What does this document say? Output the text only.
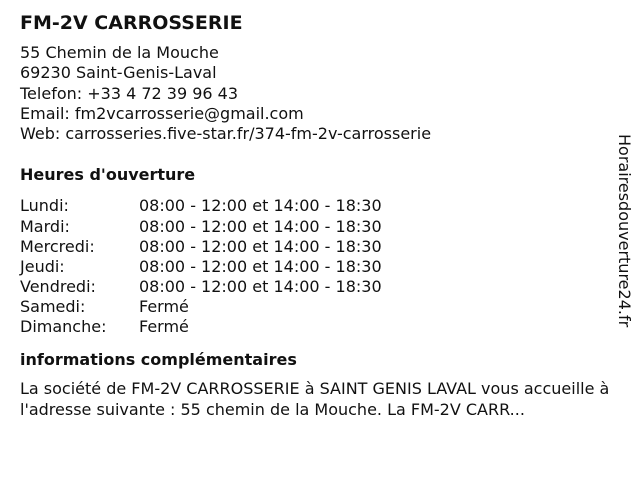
FM-2V CARROSSERIE
55 Chemin de la Mouche
69230 Saint-Genis-Laval
Telefon: +33 4 72 39 96 43
Email: fm2vcarrosserie@gmail.com
Web: carrosseries.five-star.fr/374-fm-2v-carrosserie
Heures d'ouverture
Lundi:	08:00 - 12:00 et 14:00 - 18:30
Mardi:	08:00 - 12:00 et 14:00 - 18:30
Mercredi:	08:00 - 12:00 et 14:00 - 18:30
Jeudi:	08:00 - 12:00 et 14:00 - 18:30
Vendredi:	08:00 - 12:00 et 14:00 - 18:30
Samedi:	Fermé
Dimanche:	Fermé
informations complémentaires
La société de FM-2V CARROSSERIE à SAINT GENIS LAVAL vous accueille à l'adresse suivante : 55 chemin de la Mouche. La FM-2V CARR...
Horairesdouverture24.fr
